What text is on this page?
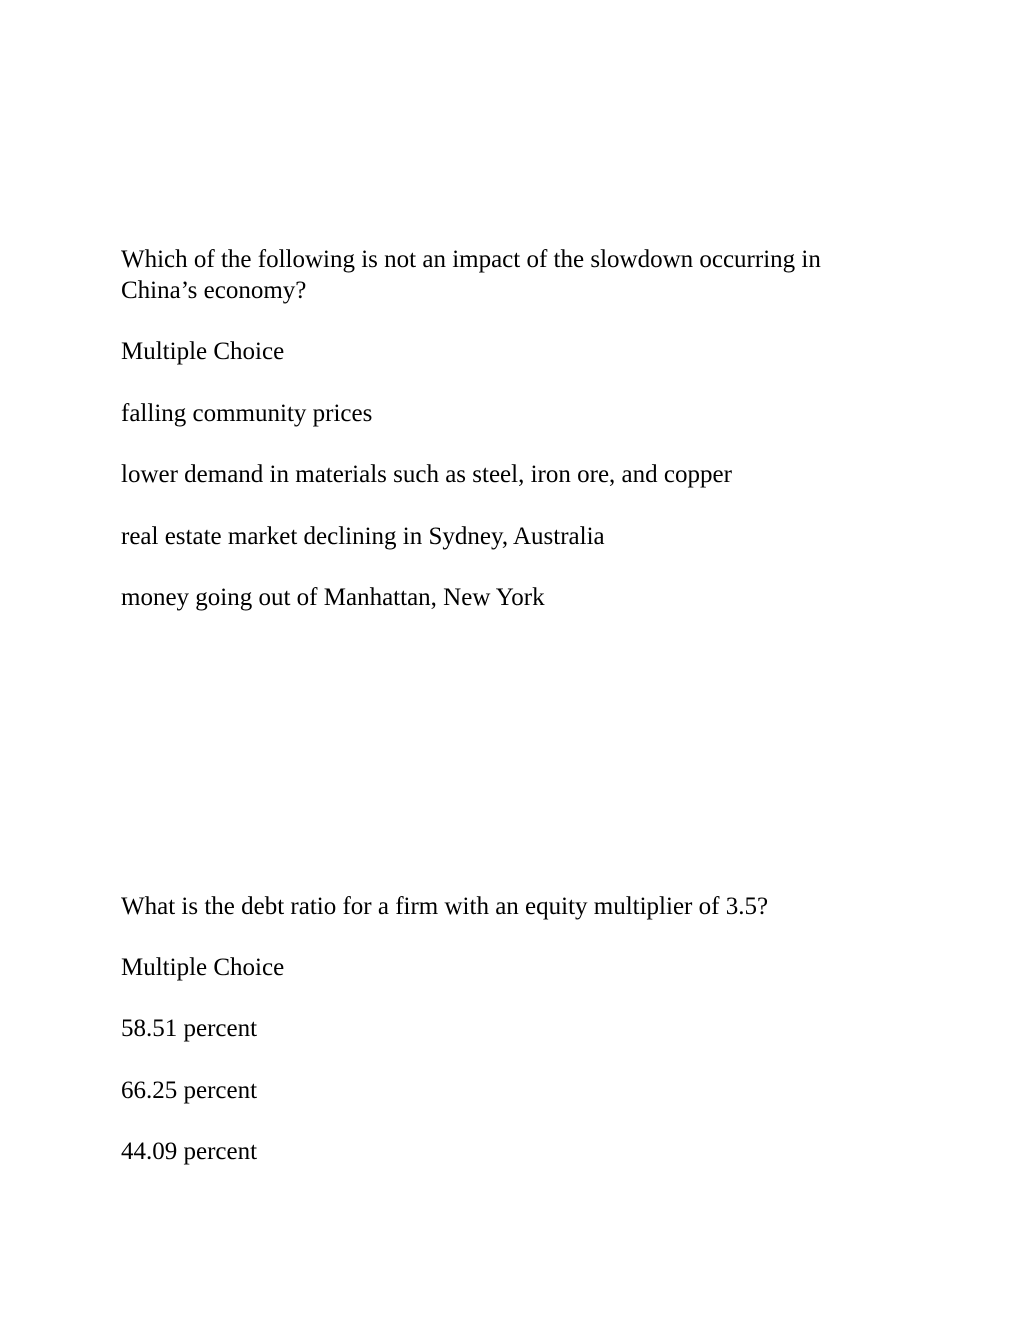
Which of the following is not an impact of the slowdown occurring in

China’s economy?

Multiple Choice

falling community prices

lower demand in materials such as steel, iron ore, and copper

real estate market declining in Sydney, Australia

money going out of Manhattan, New York

What is the debt ratio for a firm with an equity multiplier of 3.5?

Multiple Choice

58.51 percent

66.25 percent

44.09 percent
